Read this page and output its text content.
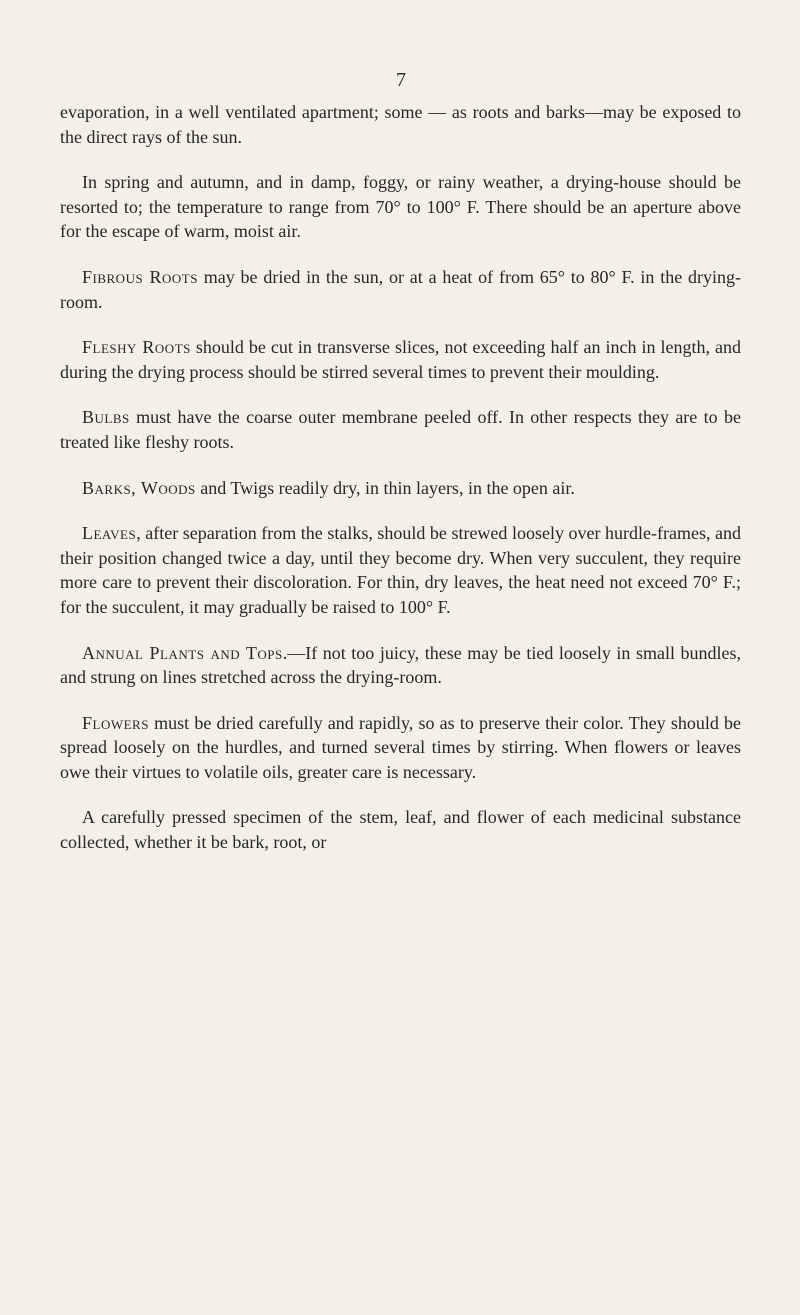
7

evaporation, in a well ventilated apartment; some — as roots and barks—may be exposed to the direct rays of the sun.

In spring and autumn, and in damp, foggy, or rainy weather, a drying-house should be resorted to; the temperature to range from 70° to 100° F. There should be an aperture above for the escape of warm, moist air.

Fibrous Roots may be dried in the sun, or at a heat of from 65° to 80° F. in the drying-room.

Fleshy Roots should be cut in transverse slices, not exceeding half an inch in length, and during the drying process should be stirred several times to prevent their moulding.

Bulbs must have the coarse outer membrane peeled off. In other respects they are to be treated like fleshy roots.

Barks, Woods and Twigs readily dry, in thin layers, in the open air.

Leaves, after separation from the stalks, should be strewed loosely over hurdle-frames, and their position changed twice a day, until they become dry. When very succulent, they require more care to prevent their discoloration. For thin, dry leaves, the heat need not exceed 70° F.; for the succulent, it may gradually be raised to 100° F.

Annual Plants and Tops.—If not too juicy, these may be tied loosely in small bundles, and strung on lines stretched across the drying-room.

Flowers must be dried carefully and rapidly, so as to preserve their color. They should be spread loosely on the hurdles, and turned several times by stirring. When flowers or leaves owe their virtues to volatile oils, greater care is necessary.

A carefully pressed specimen of the stem, leaf, and flower of each medicinal substance collected, whether it be bark, root, or
